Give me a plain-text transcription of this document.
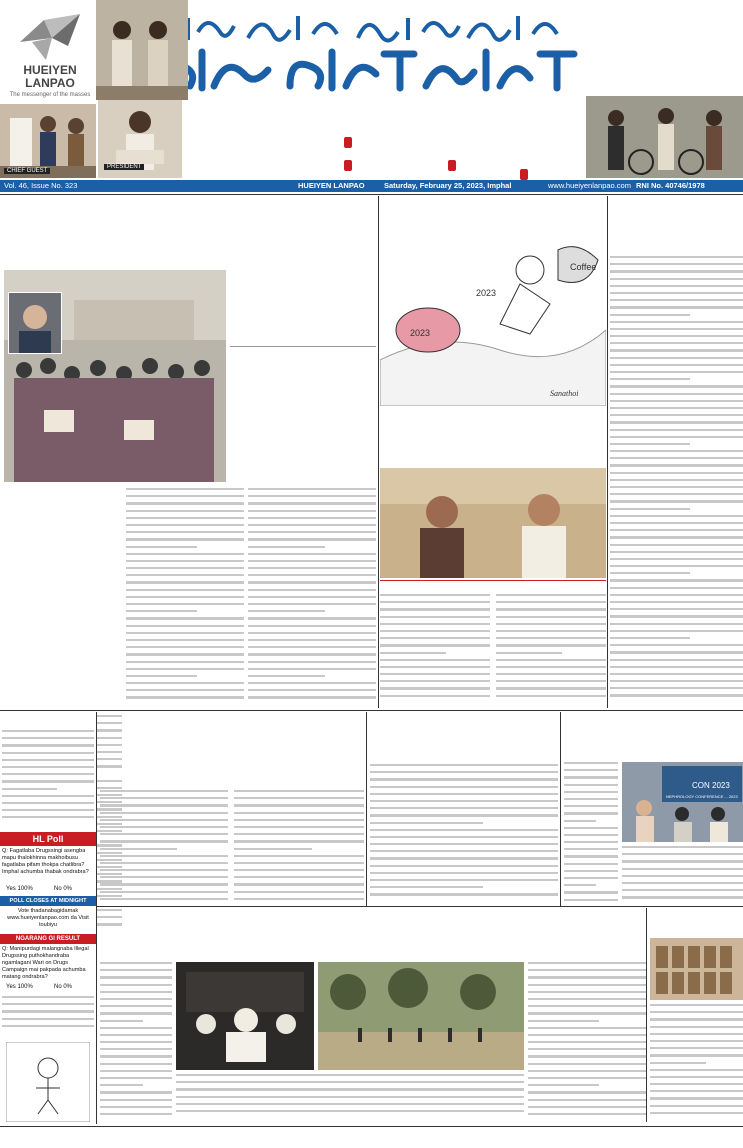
HUEIYEN
LANPAO
The messenger of the masses
CHIEF GUEST
PRESIDENT
Vol. 46, Issue No. 323	HUEIYEN LANPAO	Saturday, February 25, 2023, Imphal	www.hueiyenlanpao.com RNI No. 40746/1978
Coffee
2023
2023
Sanathoi
HL Poll
Q: Fagatlaba Drugssingi asengba mapu thalokhinna makhoibusu fagatlaba pifam thokpa chatlibra? Imphal achumba thabak ondrabra?
Yes 100%	No 0%
POLL CLOSES AT MIDNIGHT
Vote thadanabagidamak www.hueiyenlanpao.com da Visit toubiyu
NGARANG GI RESULT
Q: Manipurdagi malangnaba Illegal Drugssing puthokhandraba ngamlagani Wari on Drugs Campaign mai pakpada achumba matang ondrabra?
Yes 100%	No 0%
CON 2023
NEPHROLOGY CONFERENCE ... 2023
